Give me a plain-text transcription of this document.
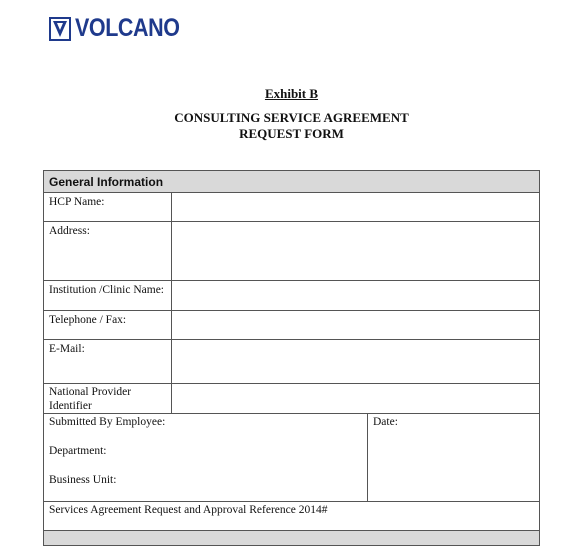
VOLCANO
Exhibit B
CONSULTING SERVICE AGREEMENT
REQUEST FORM
General Information
HCP Name:
Address:
Institution /Clinic Name:
Telephone / Fax:
E-Mail:
National Provider
Identifier
Submitted By Employee:
Department:
Business Unit:
Date:
Services Agreement Request and Approval Reference 2014#
